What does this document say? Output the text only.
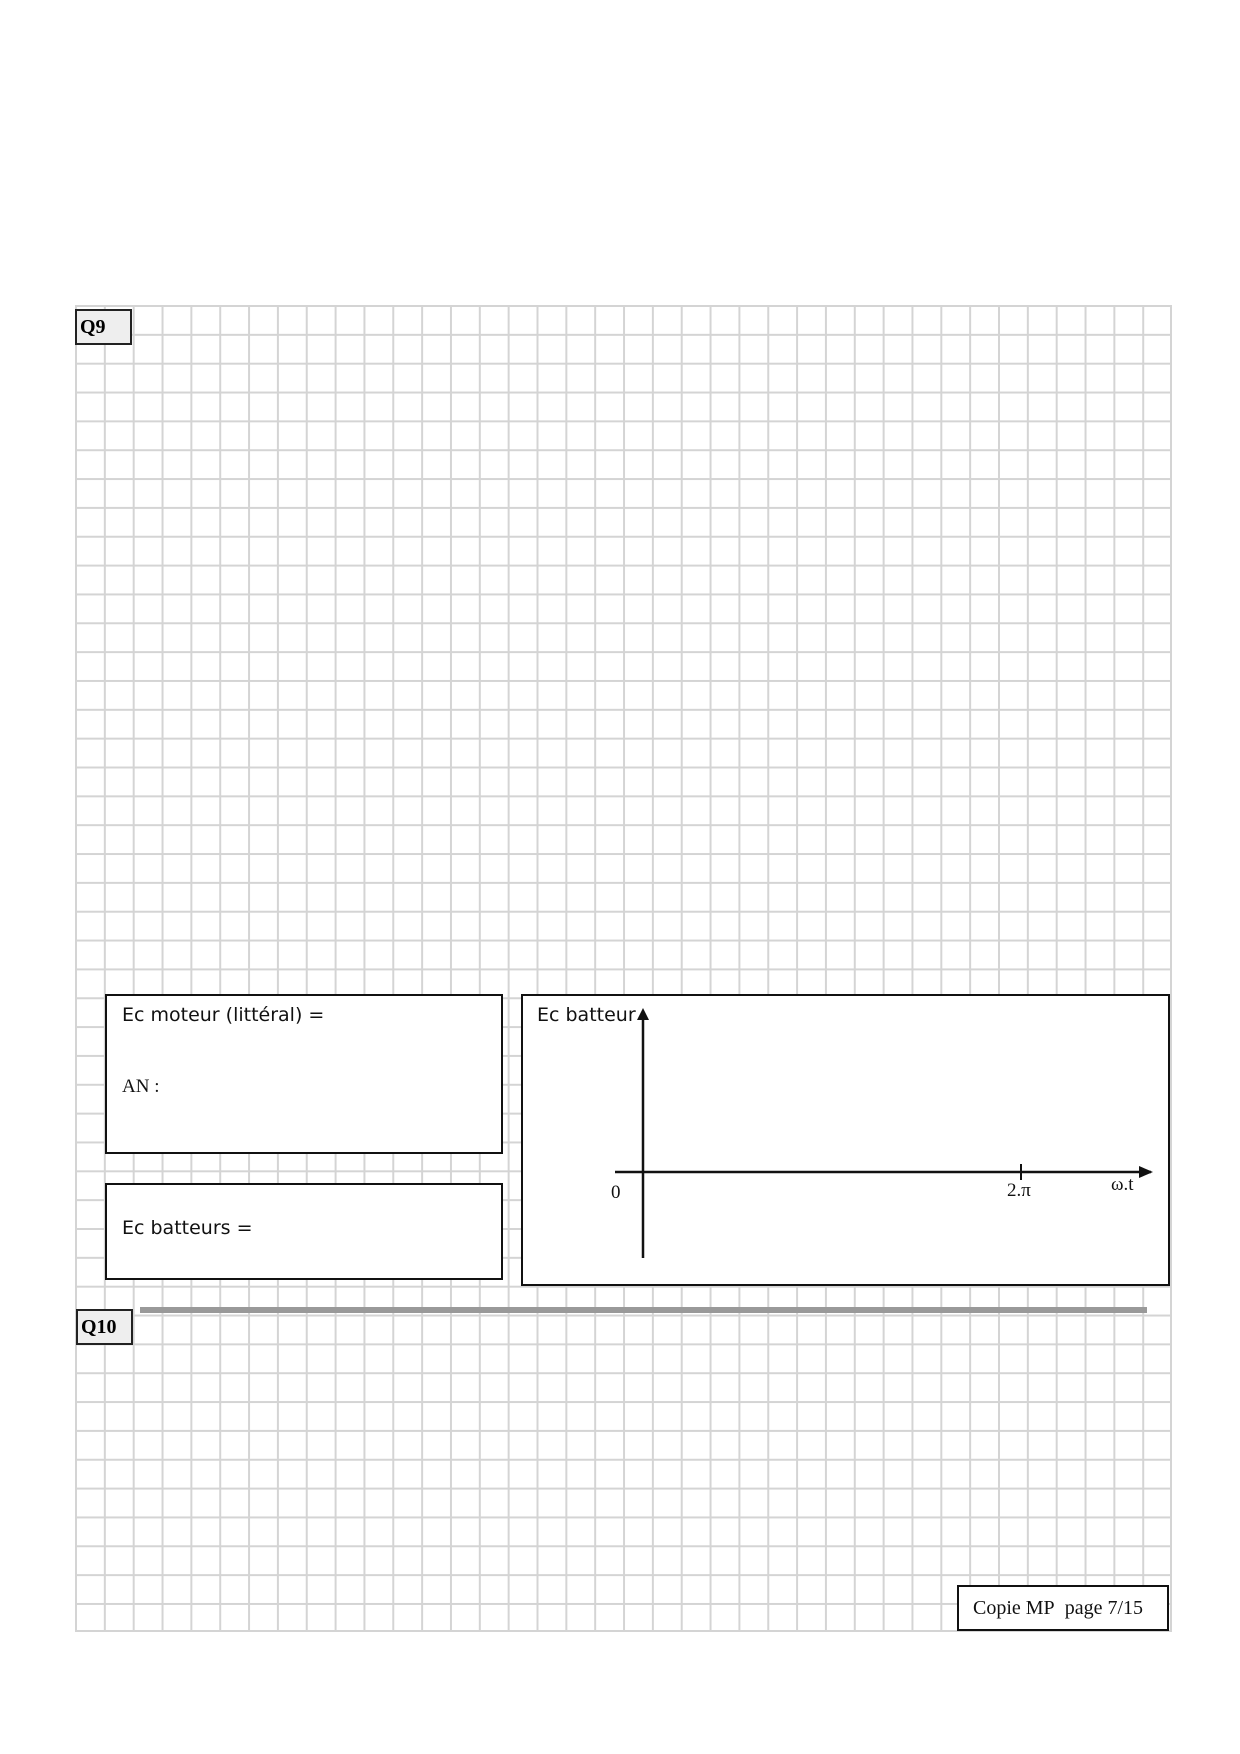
Q9
Ec moteur (littéral) =
AN :
Ec batteurs =
Ec batteur
0	2.π	ω.t
Q10
Copie MP page 7/15
